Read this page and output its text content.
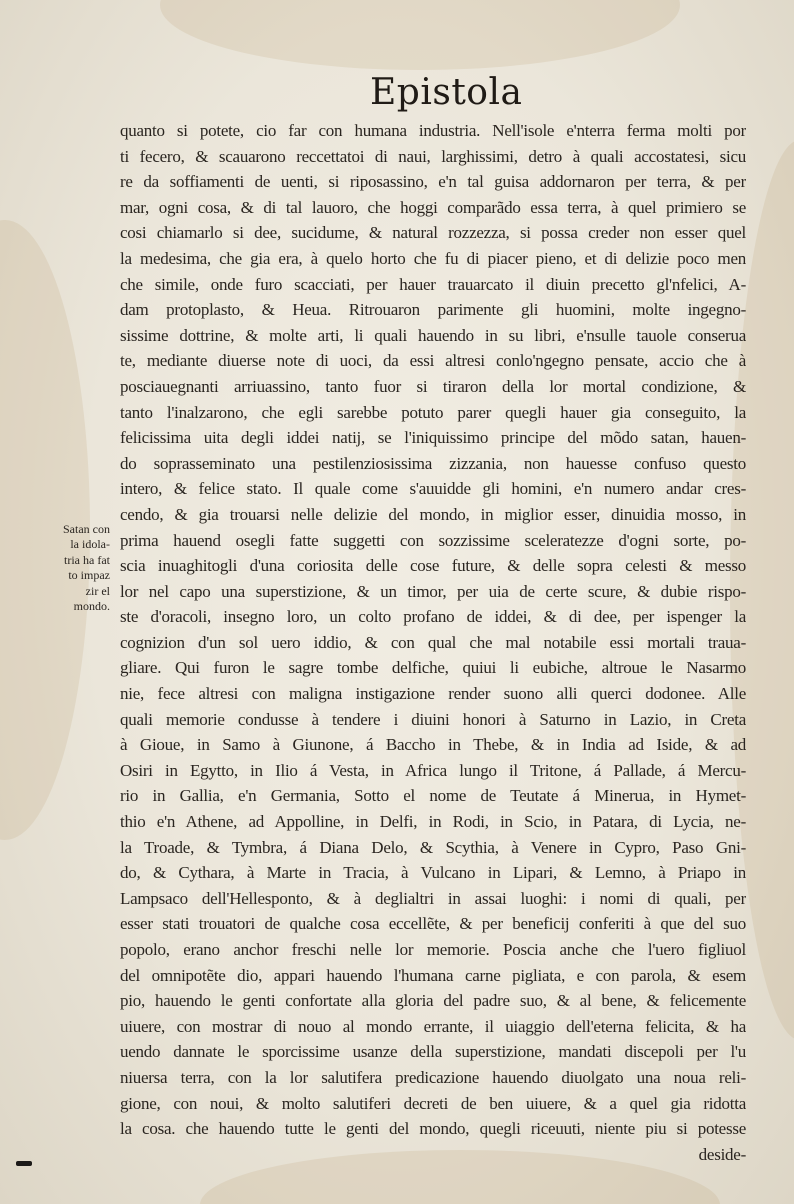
Epistola
quanto si potete, cio far con humana industria. Nell'isole e'nterra ferma molti por
ti fecero, & scauarono reccettatoi di naui, larghissimi, detro à quali accostatesi, sicu
re da soffiamenti de uenti, si riposassino, e'n tal guisa addornaron per terra, & per
mar, ogni cosa, & di tal lauoro, che hoggi comparãdo essa terra, à quel primiero se
cosi chiamarlo si dee, sucidume, & natural rozzezza, si possa creder non esser quel
la medesima, che gia era, à quelo horto che fu di piacer pieno, et di delizie poco men
che simile, onde furo scacciati, per hauer trauarcato il diuin precetto gl'nfelici, A-
dam protoplasto, & Heua. Ritrouaron parimente gli huomini, molte ingegno-
sissime dottrine, & molte arti, li quali hauendo in su libri, e'nsulle tauole conserua
te, mediante diuerse note di uoci, da essi altresi conlo'ngegno pensate, accio che à
posciauegnanti arriuassino, tanto fuor si tiraron della lor mortal condizione, &
tanto l'inalzarono, che egli sarebbe potuto parer quegli hauer gia conseguito, la
felicissima uita degli iddei natij, se l'iniquissimo principe del mõdo satan, hauen-
do soprasseminato una pestilenziosissima zizzania, non hauesse confuso questo
intero, & felice stato. Il quale come s'auuidde gli homini, e'n numero andar cres-
cendo, & gia trouarsi nelle delizie del mondo, in miglior esser, dinuidia mosso, in
prima hauend osegli fatte suggetti con sozzissime sceleratezze d'ogni sorte, po-
scia inuaghitogli d'una coriosita delle cose future, & delle sopra celesti & messo
lor nel capo una superstizione, & un timor, per uia de certe scure, & dubie rispo-
ste d'oracoli, insegno loro, un colto profano de iddei, & di dee, per ispenger la
cognizion d'un sol uero iddio, & con qual che mal notabile essi mortali traua-
gliare. Qui furon le sagre tombe delfiche, quiui li eubiche, altroue le Nasarmo
nie, fece altresi con maligna instigazione render suono alli querci dodonee. Alle
quali memorie condusse à tendere i diuini honori à Saturno in Lazio, in Creta
à Gioue, in Samo à Giunone, á Baccho in Thebe, & in India ad Iside, & ad
Osiri in Egytto, in Ilio á Vesta, in Africa lungo il Tritone, á Pallade, á Mercu-
rio in Gallia, e'n Germania, Sotto el nome de Teutate á Minerua, in Hymet-
thio e'n Athene, ad Appolline, in Delfi, in Rodi, in Scio, in Patara, di Lycia, ne-
la Troade, & Tymbra, á Diana Delo, & Scythia, à Venere in Cypro, Paso Gni-
do, & Cythara, à Marte in Tracia, à Vulcano in Lipari, & Lemno, à Priapo in
Lampsaco dell'Hellesponto, & à deglialtri in assai luoghi: i nomi di quali, per
esser stati trouatori de qualche cosa eccellẽte, & per beneficij conferiti à que del suo
popolo, erano anchor freschi nelle lor memorie. Poscia anche che l'uero figliuol
del omnipotẽte dio, appari hauendo l'humana carne pigliata, e con parola, & esem
pio, hauendo le genti confortate alla gloria del padre suo, & al bene, & felicemente
uiuere, con mostrar di nouo al mondo errante, il uiaggio dell'eterna felicita, & ha
uendo dannate le sporcissime usanze della superstizione, mandati discepoli per l'u
niuersa terra, con la lor salutifera predicazione hauendo diuolgato una noua reli-
gione, con noui, & molto salutiferi decreti de ben uiuere, & a quel gia ridotta
la cosa. che hauendo tutte le genti del mondo, quegli riceuuti, niente piu si potesse
deside-
Satan con
la idola-
tria ha fat
to impaz
zir el
mondo.
